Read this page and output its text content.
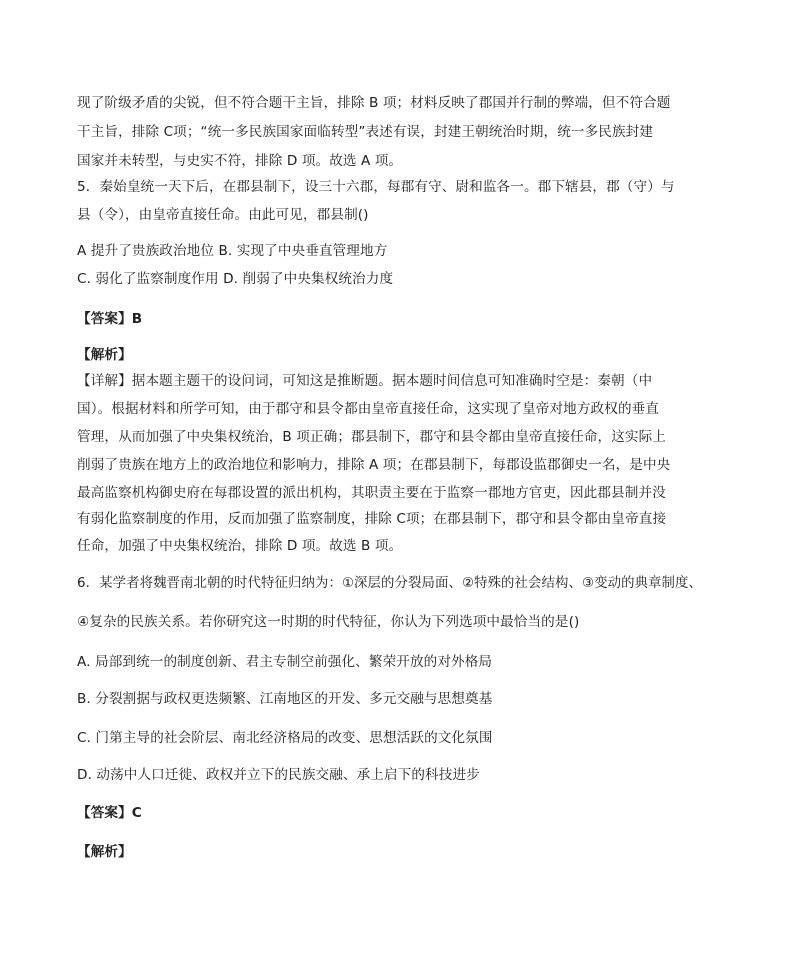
现了阶级矛盾的尖锐，但不符合题干主旨，排除 B 项；材料反映了郡国并行制的弊端，但不符合题
干主旨，排除 C项；“统一多民族国家面临转型”表述有误，封建王朝统治时期，统一多民族封建
国家并未转型，与史实不符，排除 D 项。故选 A 项。
5．秦始皇统一天下后，在郡县制下，设三十六郡，每郡有守、尉和监各一。郡下辖县，郡（守）与
县（令），由皇帝直接任命。由此可见，郡县制()
A 提升了贵族政治地位 B. 实现了中央垂直管理地方
C. 弱化了监察制度作用 D. 削弱了中央集权统治力度
【答案】B
【解析】
【详解】据本题主题干的设问词，可知这是推断题。据本题时间信息可知准确时空是：秦朝（中
国）。根据材料和所学可知，由于郡守和县令都由皇帝直接任命，这实现了皇帝对地方政权的垂直
管理，从而加强了中央集权统治，B 项正确；郡县制下，郡守和县令都由皇帝直接任命，这实际上
削弱了贵族在地方上的政治地位和影响力，排除 A 项；在郡县制下，每郡设监郡御史一名，是中央
最高监察机构御史府在每郡设置的派出机构，其职责主要在于监察一郡地方官吏，因此郡县制并没
有弱化监察制度的作用，反而加强了监察制度，排除 C项；在郡县制下，郡守和县令都由皇帝直接
任命，加强了中央集权统治，排除 D 项。故选 B 项。
6．某学者将魏晋南北朝的时代特征归纳为：①深层的分裂局面、②特殊的社会结构、③变动的典章制度、
④复杂的民族关系。若你研究这一时期的时代特征，你认为下列选项中最恰当的是()
A. 局部到统一的制度创新、君主专制空前强化、繁荣开放的对外格局
B. 分裂割据与政权更迭频繁、江南地区的开发、多元交融与思想奠基
C. 门第主导的社会阶层、南北经济格局的改变、思想活跃的文化氛围
D. 动荡中人口迁徙、政权并立下的民族交融、承上启下的科技进步
【答案】C
【解析】
